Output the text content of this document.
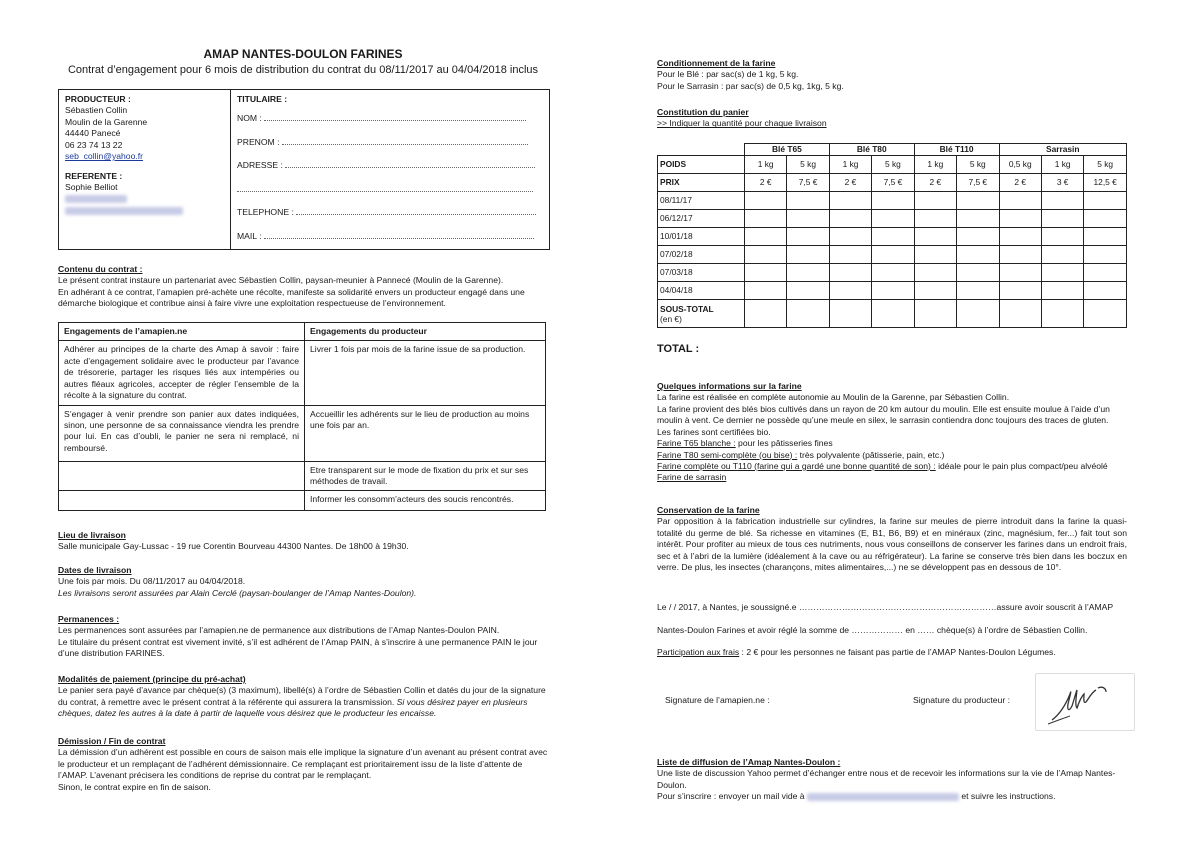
AMAP NANTES-DOULON FARINES
Contrat d’engagement pour 6 mois de distribution du contrat du 08/11/2017 au 04/04/2018 inclus

PRODUCTEUR :

Sébastien Collin

Moulin de la Garenne

44440 Panecé

06 23 74 13 22

seb_collin@yahoo.fr

REFERENTE :

Sophie Belliot

TITULAIRE :

NOM :

PRENOM :

ADRESSE :

TELEPHONE :

MAIL :

Contenu du contrat :

Le présent contrat instaure un partenariat avec Sébastien Collin, paysan-meunier à Pannecé (Moulin de la Garenne).

En adhérant à ce contrat, l’amapien pré-achète une récolte, manifeste sa solidarité envers un producteur engagé dans une démarche biologique et contribue ainsi à faire vivre une exploitation respectueuse de l’environnement.

Engagements de l’amapien.ne	Engagements du producteur
Adhérer au principes de la charte des Amap à savoir : faire acte d’engagement solidaire avec le producteur par l’avance de trésorerie, partager les risques liés aux intempéries ou autres fléaux agricoles, accepter de régler l’ensemble de la récolte à la signature du contrat.	Livrer 1 fois par mois de la farine issue de sa production.
S’engager à venir prendre son panier aux dates indiquées, sinon, une personne de sa connaissance viendra les prendre pour lui. En cas d’oubli, le panier ne sera ni remplacé, ni remboursé.	Accueillir les adhérents sur le lieu de production au moins une fois par an.
	Etre transparent sur le mode de fixation du prix et sur ses méthodes de travail.
	Informer les consomm’acteurs des soucis rencontrés.

Lieu de livraison

Salle municipale Gay-Lussac - 19 rue Corentin Bourveau 44300 Nantes. De 18h00 à 19h30.

Dates de livraison

Une fois par mois. Du 08/11/2017 au 04/04/2018.

Les livraisons seront assurées par Alain Cerclé (paysan-boulanger de l’Amap Nantes-Doulon).

Permanences :

Les permanences sont assurées par l’amapien.ne de permanence aux distributions de l’Amap Nantes-Doulon PAIN.

Le titulaire du présent contrat est vivement invité, s’il est adhérent de l’Amap PAIN, à s’inscrire à une permanence PAIN le jour d’une distribution FARINES.

Modalités de paiement (principe du pré-achat)

Le panier sera payé d’avance par chèque(s) (3 maximum), libellé(s) à l’ordre de Sébastien Collin et datés du jour de la signature du contrat, à remettre avec le présent contrat à la référente qui assurera la transmission. Si vous désirez payer en plusieurs chèques, datez les autres à la date à partir de laquelle vous désirez que le producteur les encaisse.

Démission / Fin de contrat

La démission d’un adhérent est possible en cours de saison mais elle implique la signature d’un avenant au présent contrat avec le producteur et un remplaçant de l’adhérent démissionnaire. Ce remplaçant est prioritairement issu de la liste d’attente de l’AMAP. L’avenant précisera les conditions de reprise du contrat par le remplaçant.

Sinon, le contrat expire en fin de saison.

Conditionnement de la farine

Pour le Blé : par sac(s) de 1 kg, 5 kg.

Pour le Sarrasin : par sac(s) de 0,5 kg, 1kg, 5 kg.

Constitution du panier

>> Indiquer la quantité pour chaque livraison

	Blé T65		Blé T80		Blé T110		Sarrasin		
POIDS	1 kg	5 kg	1 kg	5 kg	1 kg	5 kg	0,5 kg	1 kg	5 kg
PRIX	2 €	7,5 €	2 €	7,5 €	2 €	7,5 €	2 €	3 €	12,5 €
08/11/17									
06/12/17									
10/01/18									
07/02/18									
07/03/18									
04/04/18									
SOUS-TOTAL
(en €)									
TOTAL :

Quelques informations sur la farine

La farine est réalisée en complète autonomie au Moulin de la Garenne, par Sébastien Collin.

La farine provient des blés bios cultivés dans un rayon de 20 km autour du moulin. Elle est ensuite moulue à l’aide d’un moulin à vent. Ce dernier ne possède qu’une meule en silex, le sarrasin contiendra donc toujours des traces de gluten.

Les farines sont certifiées bio.

Farine T65 blanche : pour les pâtisseries fines

Farine T80 semi-complète (ou bise) : très polyvalente (pâtisserie, pain, etc.)

Farine complète ou T110 (farine qui a gardé une bonne quantité de son) : idéale pour le pain plus compact/peu alvéolé

Farine de sarrasin

Conservation de la farine

Par opposition à la fabrication industrielle sur cylindres, la farine sur meules de pierre introduit dans la farine la quasi-totalité du germe de blé. Sa richesse en vitamines (E, B1, B6, B9) et en minéraux (zinc, magnésium, fer...) fait tout son intérêt. Pour profiter au mieux de tous ces nutriments, nous vous conseillons de conserver les farines dans un endroit frais, sec et à l’abri de la lumière (idéalement à la cave ou au réfrigérateur). La farine se conserve très bien dans les boczux en verre. De plus, les insectes (charançons, mites alimentaires,...) ne se développent pas en dessous de 10°.

Le / / 2017, à Nantes, je soussigné.e ……………………………………………………………assure avoir souscrit à l’AMAP

Nantes-Doulon Farines et avoir réglé la somme de ……………… en …… chèque(s) à l’ordre de Sébastien Collin.

Participation aux frais : 2 € pour les personnes ne faisant pas partie de l’AMAP Nantes-Doulon Légumes.

Signature de l’amapien.ne :	Signature du producteur :

Liste de diffusion de l’Amap Nantes-Doulon :

Une liste de discussion Yahoo permet d’échanger entre nous et de recevoir les informations sur la vie de l’Amap Nantes-Doulon.

Pour s’inscrire : envoyer un mail vide à	et suivre les instructions.
